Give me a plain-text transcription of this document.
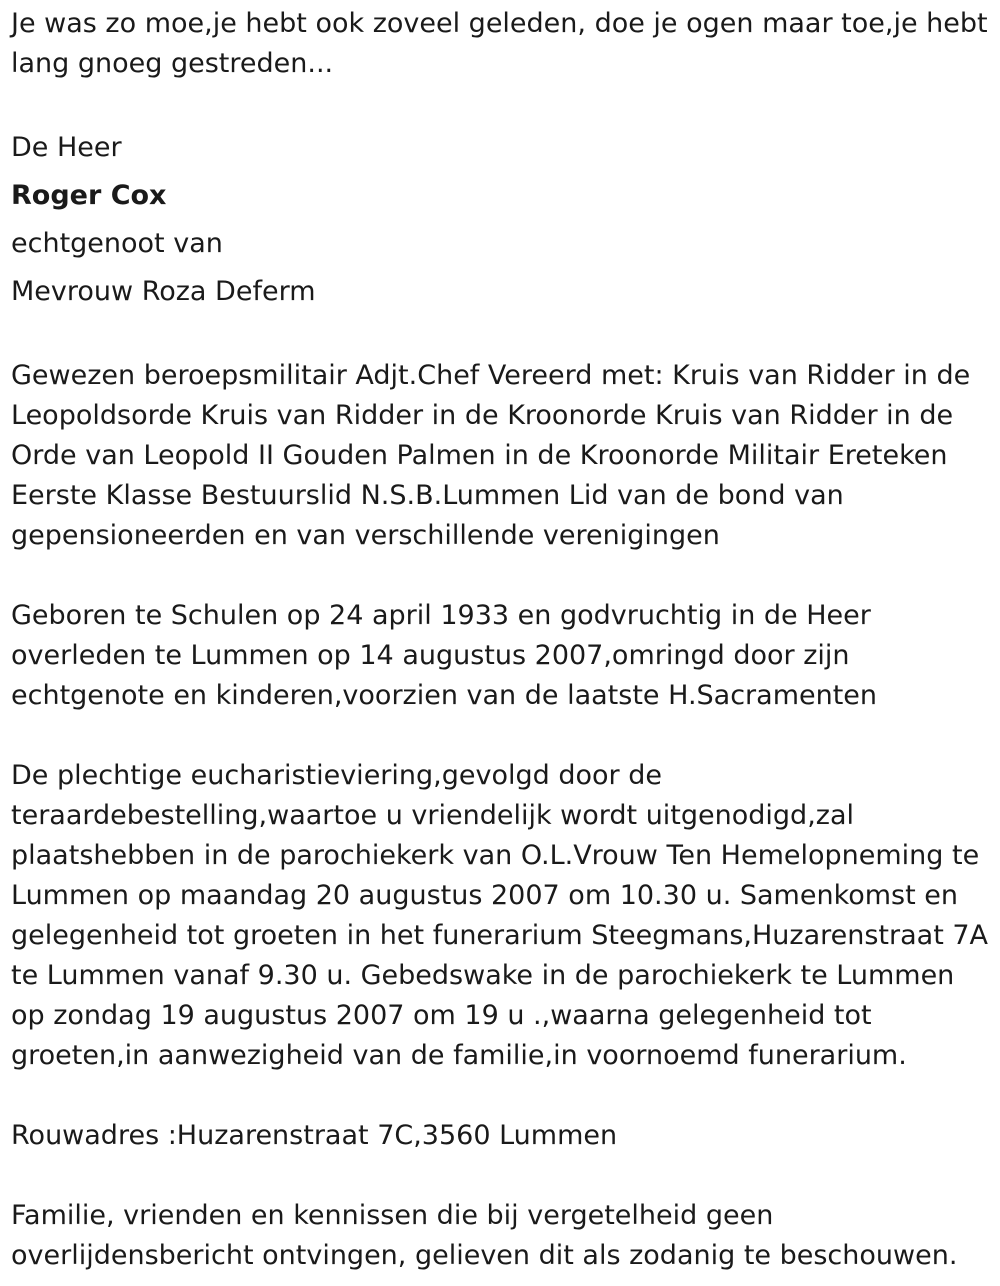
Je was zo moe,je hebt ook zoveel geleden, doe je ogen maar toe,je hebt lang gnoeg gestreden...

De Heer

Roger Cox

echtgenoot van

Mevrouw Roza Deferm

Gewezen beroepsmilitair Adjt.Chef Vereerd met: Kruis van Ridder in de Leopoldsorde Kruis van Ridder in de Kroonorde Kruis van Ridder in de Orde van Leopold II Gouden Palmen in de Kroonorde Militair Ereteken Eerste Klasse Bestuurslid N.S.B.Lummen Lid van de bond van gepensioneerden en van verschillende verenigingen

Geboren te Schulen op 24 april 1933 en godvruchtig in de Heer overleden te Lummen op 14 augustus 2007,omringd door zijn echtgenote en kinderen,voorzien van de laatste H.Sacramenten

De plechtige eucharistieviering,gevolgd door de teraardebestelling,waartoe u vriendelijk wordt uitgenodigd,zal plaatshebben in de parochiekerk van O.L.Vrouw Ten Hemelopneming te Lummen op maandag 20 augustus 2007 om 10.30 u. Samenkomst en gelegenheid tot groeten in het funerarium Steegmans,Huzarenstraat 7A te Lummen vanaf 9.30 u. Gebedswake in de parochiekerk te Lummen op zondag 19 augustus 2007 om 19 u .,waarna gelegenheid tot groeten,in aanwezigheid van de familie,in voornoemd funerarium.

Rouwadres :Huzarenstraat 7C,3560 Lummen

Familie, vrienden en kennissen die bij vergetelheid geen overlijdensbericht ontvingen, gelieven dit als zodanig te beschouwen.
